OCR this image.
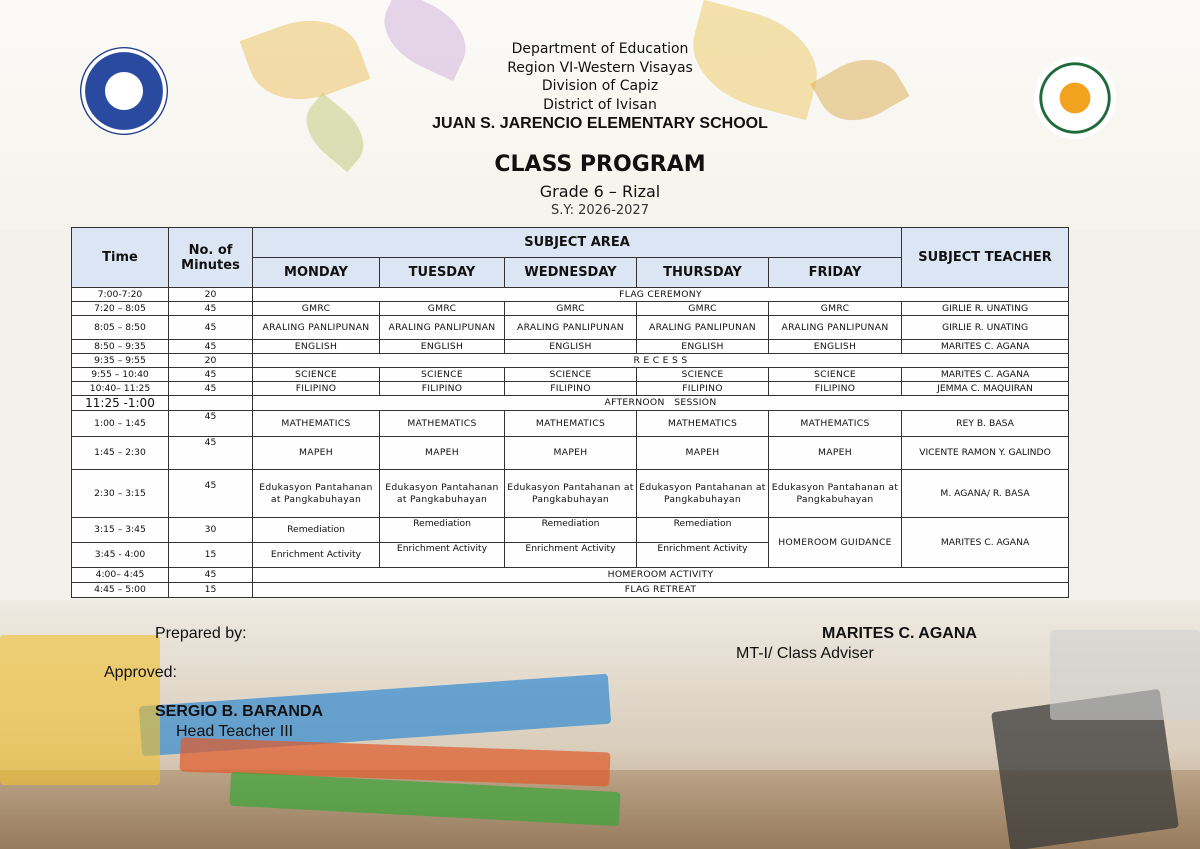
Department of Education
Region VI-Western Visayas
Division of Capiz
District of Ivisan
JUAN S. JARENCIO ELEMENTARY SCHOOL
CLASS PROGRAM
Grade 6 – Rizal
S.Y: 2026-2027
Time	No. of Minutes	SUBJECT AREA					SUBJECT TEACHER
		MONDAY	TUESDAY	WEDNESDAY	THURSDAY	FRIDAY	
7:00-7:20	20	FLAG CEREMONY					
7:20 – 8:05	45	GMRC	GMRC	GMRC	GMRC	GMRC	GIRLIE R. UNATING
8:05 – 8:50	45	ARALING PANLIPUNAN	ARALING PANLIPUNAN	ARALING PANLIPUNAN	ARALING PANLIPUNAN	ARALING PANLIPUNAN	GIRLIE R. UNATING
8:50 – 9:35	45	ENGLISH	ENGLISH	ENGLISH	ENGLISH	ENGLISH	MARITES C. AGANA
9:35 – 9:55	20	R E C E S S					
9:55 – 10:40	45	SCIENCE	SCIENCE	SCIENCE	SCIENCE	SCIENCE	MARITES C. AGANA
10:40– 11:25	45	FILIPINO	FILIPINO	FILIPINO	FILIPINO	FILIPINO	JEMMA C. MAQUIRAN
11:25 -1:00		AFTERNOON   SESSION					
1:00 – 1:45	45	MATHEMATICS	MATHEMATICS	MATHEMATICS	MATHEMATICS	MATHEMATICS	REY B. BASA
1:45 – 2:30	45	MAPEH	MAPEH	MAPEH	MAPEH	MAPEH	VICENTE RAMON Y. GALINDO
2:30 – 3:15	45	Edukasyon Pantahanan at Pangkabuhayan	Edukasyon Pantahanan at Pangkabuhayan	Edukasyon Pantahanan at Pangkabuhayan	Edukasyon Pantahanan at Pangkabuhayan	Edukasyon Pantahanan at Pangkabuhayan	M. AGANA/ R. BASA
3:15 – 3:45	30	Remediation	Remediation	Remediation	Remediation	HOMEROOM GUIDANCE	MARITES C. AGANA
3:45 - 4:00	15	Enrichment Activity	Enrichment Activity	Enrichment Activity	Enrichment Activity		
4:00– 4:45	45	HOMEROOM ACTIVITY					
4:45 – 5:00	15	FLAG RETREAT					
Prepared by:	MARITES C. AGANA
MT-I/ Class Adviser
Approved:
SERGIO B. BARANDA
Head Teacher III
